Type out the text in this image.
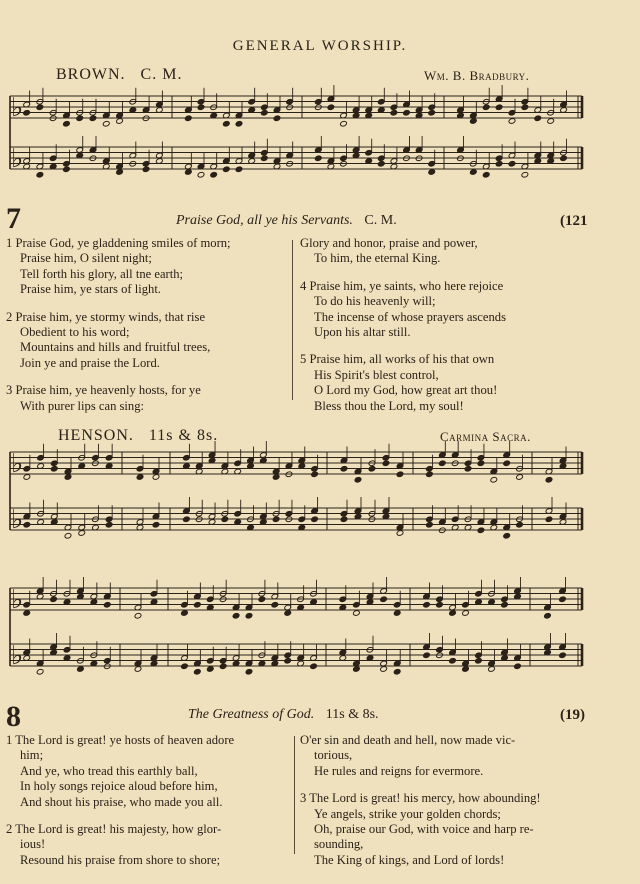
GENERAL WORSHIP.
BROWN.   C. M.	Wm. B. Bradbury.
♭
♭
♭
♭
♭
♭
7	Praise God, all ye his Servants. C. M.	(121
1 Praise God, ye gladdening smiles of morn;
Praise him, O silent night;
Tell forth his glory, all tne earth;
Praise him, ye stars of light.
2 Praise him, ye stormy winds, that rise
Obedient to his word;
Mountains and hills and fruitful trees,
Join ye and praise the Lord.
3 Praise him, ye heavenly hosts, for ye
With purer lips can sing:
Glory and honor, praise and power,
To him, the eternal King.
4 Praise him, ye saints, who here rejoice
To do his heavenly will;
The incense of whose prayers ascends
Upon his altar still.
5 Praise him, all works of his that own
His Spirit's blest control,
O Lord my God, how great art thou!
Bless thou the Lord, my soul!
HENSON.   11s & 8s.	Carmina Sacra.
8	The Greatness of God. 11s & 8s.	(19)
1 The Lord is great! ye hosts of heaven adore
him;
And ye, who tread this earthly ball,
In holy songs rejoice aloud before him,
And shout his praise, who made you all.
2 The Lord is great! his majesty, how glor-
ious!
Resound his praise from shore to shore;
O'er sin and death and hell, now made vic-
torious,
He rules and reigns for evermore.
3 The Lord is great! his mercy, how abounding!
Ye angels, strike your golden chords;
Oh, praise our God, with voice and harp re-
sounding,
The King of kings, and Lord of lords!
